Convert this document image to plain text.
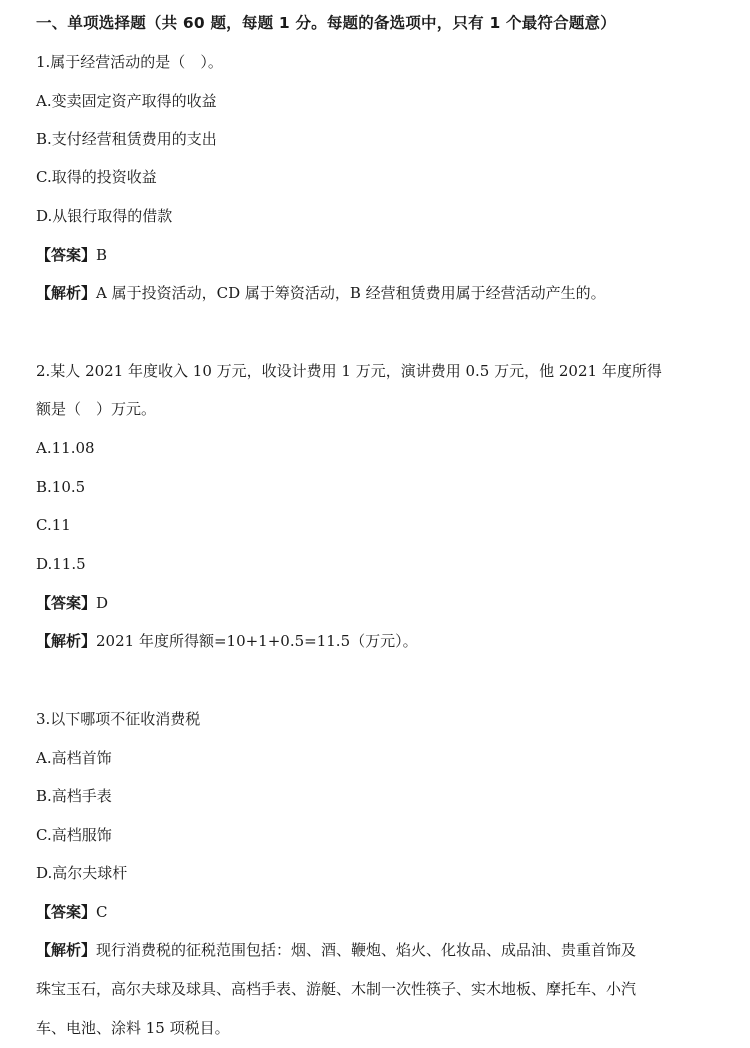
一、单项选择题（共 60 题，每题 1 分。每题的备选项中，只有 1 个最符合题意）
1.属于经营活动的是（　）。
A.变卖固定资产取得的收益
B.支付经营租赁费用的支出
C.取得的投资收益
D.从银行取得的借款
【答案】B
【解析】A 属于投资活动，CD 属于筹资活动，B 经营租赁费用属于经营活动产生的。
2.某人 2021 年度收入 10 万元，收设计费用 1 万元，演讲费用 0.5 万元，他 2021 年度所得
额是（　）万元。
A.11.08
B.10.5
C.11
D.11.5
【答案】D
【解析】2021 年度所得额=10+1+0.5=11.5（万元）。
3.以下哪项不征收消费税
A.高档首饰
B.高档手表
C.高档服饰
D.高尔夫球杆
【答案】C
【解析】现行消费税的征税范围包括：烟、酒、鞭炮、焰火、化妆品、成品油、贵重首饰及
珠宝玉石，高尔夫球及球具、高档手表、游艇、木制一次性筷子、实木地板、摩托车、小汽
车、电池、涂料 15 项税目。
